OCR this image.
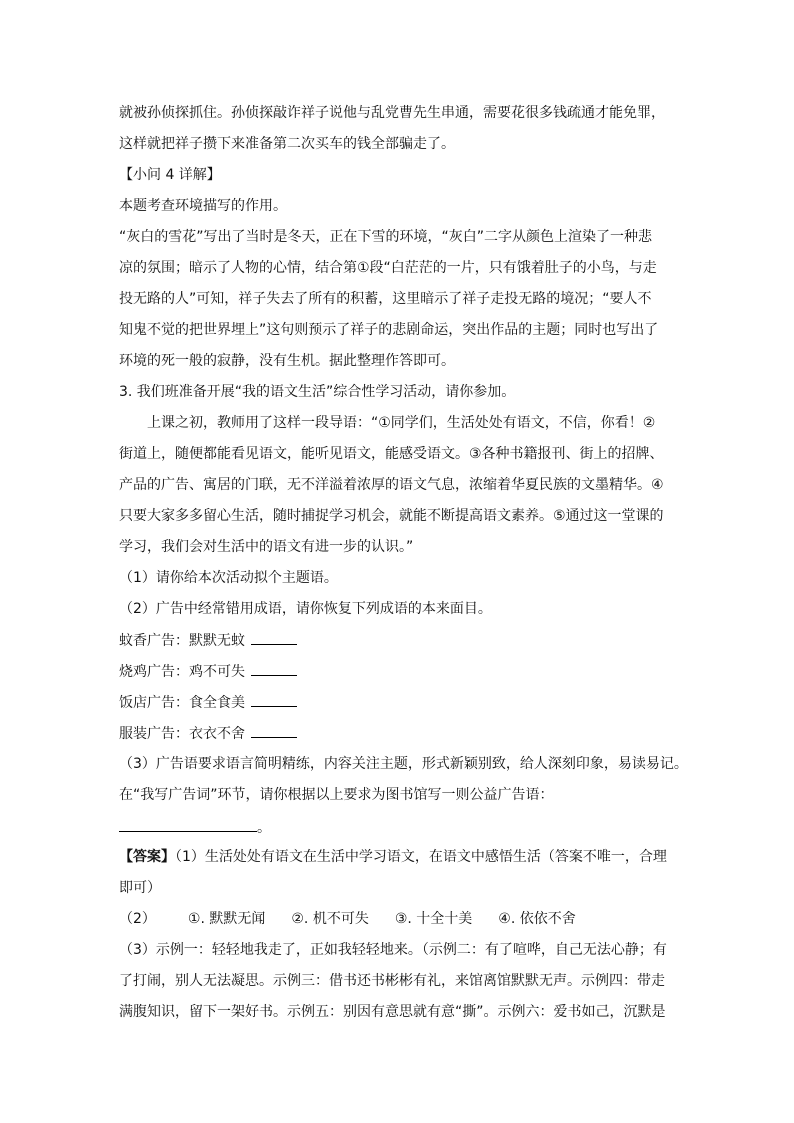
就被孙侦探抓住。孙侦探敲诈祥子说他与乱党曹先生串通，需要花很多钱疏通才能免罪，

这样就把祥子攒下来准备第二次买车的钱全部骗走了。

【小问 4 详解】

本题考查环境描写的作用。

“灰白的雪花”写出了当时是冬天，正在下雪的环境，“灰白”二字从颜色上渲染了一种悲

凉的氛围；暗示了人物的心情，结合第①段“白茫茫的一片，只有饿着肚子的小鸟，与走

投无路的人”可知，祥子失去了所有的积蓄，这里暗示了祥子走投无路的境况；“要人不

知鬼不觉的把世界埋上”这句则预示了祥子的悲剧命运，突出作品的主题；同时也写出了

环境的死一般的寂静，没有生机。据此整理作答即可。

3. 我们班准备开展“我的语文生活”综合性学习活动，请你参加。

上课之初，教师用了这样一段导语：“①同学们，生活处处有语文，不信，你看！②

街道上，随便都能看见语文，能听见语文，能感受语文。③各种书籍报刊、街上的招牌、

产品的广告、寓居的门联，无不洋溢着浓厚的语文气息，浓缩着华夏民族的文墨精华。④

只要大家多多留心生活，随时捕捉学习机会，就能不断提高语文素养。⑤通过这一堂课的

学习，我们会对生活中的语文有进一步的认识。”

（1）请你给本次活动拟个主题语。

（2）广告中经常错用成语，请你恢复下列成语的本来面目。

蚊香广告：默默无蚊

烧鸡广告：鸡不可失

饭店广告：食全食美

服装广告：衣衣不舍

（3）广告语要求语言简明精练，内容关注主题，形式新颖别致，给人深刻印象，易读易记。

在“我写广告词”环节，请你根据以上要求为图书馆写一则公益广告语：

。

【答案】（1）生活处处有语文在生活中学习语文，在语文中感悟生活（答案不唯一，合理

即可）

（2） ①. 默默无闻 ②. 机不可失 ③. 十全十美 ④. 依依不舍

（3）示例一：轻轻地我走了，正如我轻轻地来。（示例二：有了喧哗，自己无法心静；有

了打闹，别人无法凝思。示例三：借书还书彬彬有礼，来馆离馆默默无声。示例四：带走

满腹知识，留下一架好书。示例五：别因有意思就有意“撕”。示例六：爱书如己，沉默是
